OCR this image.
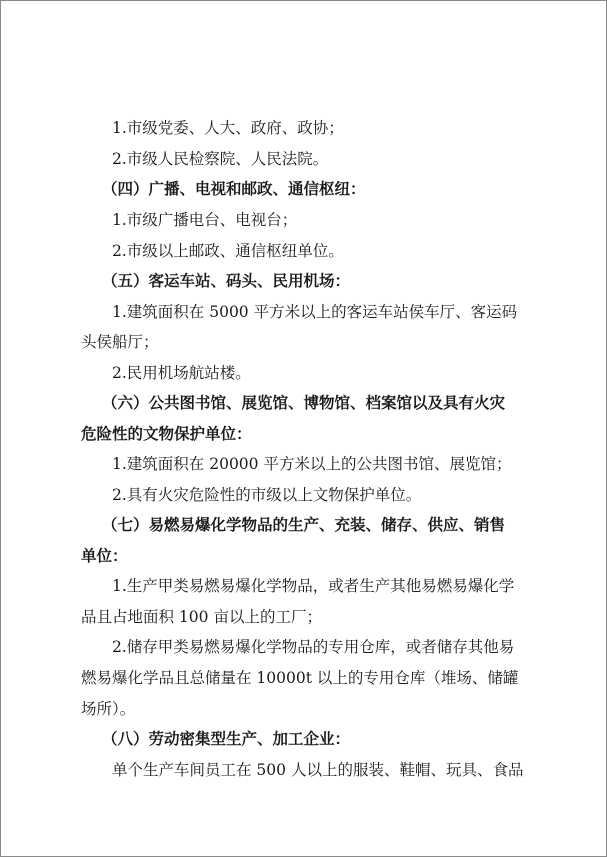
1.市级党委、人大、政府、政协；
2.市级人民检察院、人民法院。
（四）广播、电视和邮政、通信枢纽：
1.市级广播电台、电视台；
2.市级以上邮政、通信枢纽单位。
（五）客运车站、码头、民用机场：
1.建筑面积在 5000 平方米以上的客运车站侯车厅、客运码
头侯船厅；
2.民用机场航站楼。
（六）公共图书馆、展览馆、博物馆、档案馆以及具有火灾
危险性的文物保护单位：
1.建筑面积在 20000 平方米以上的公共图书馆、展览馆；
2.具有火灾危险性的市级以上文物保护单位。
（七）易燃易爆化学物品的生产、充装、储存、供应、销售
单位：
1.生产甲类易燃易爆化学物品，或者生产其他易燃易爆化学
品且占地面积 100 亩以上的工厂；
2.储存甲类易燃易爆化学物品的专用仓库，或者储存其他易
燃易爆化学品且总储量在 10000t 以上的专用仓库（堆场、储罐
场所）。
（八）劳动密集型生产、加工企业：
单个生产车间员工在 500 人以上的服装、鞋帽、玩具、食品
